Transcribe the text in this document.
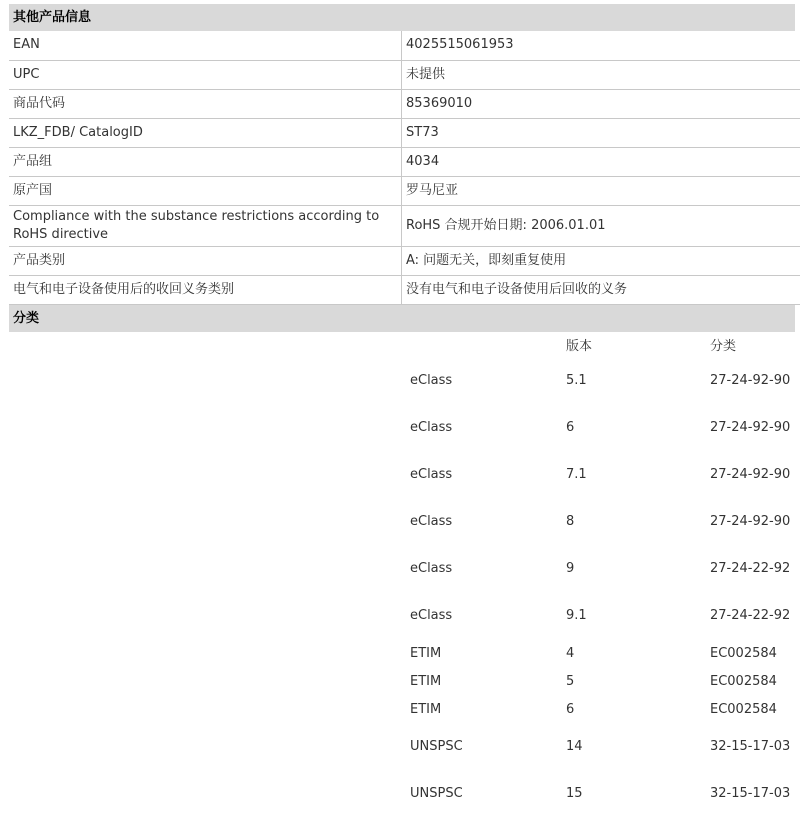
其他产品信息
EAN	4025515061953
UPC	未提供
商品代码	85369010
LKZ_FDB/ CatalogID	ST73
产品组	4034
原产国	罗马尼亚
Compliance with the substance restrictions according to RoHS directive	RoHS 合规开始日期: 2006.01.01
产品类别	A: 问题无关，即刻重复使用
电气和电子设备使用后的收回义务类别	没有电气和电子设备使用后回收的义务
分类
	版本	分类
eClass	5.1	27-24-92-90
eClass	6	27-24-92-90
eClass	7.1	27-24-92-90
eClass	8	27-24-92-90
eClass	9	27-24-22-92
eClass	9.1	27-24-22-92
ETIM	4	EC002584
ETIM	5	EC002584
ETIM	6	EC002584
UNSPSC	14	32-15-17-03
UNSPSC	15	32-15-17-03
